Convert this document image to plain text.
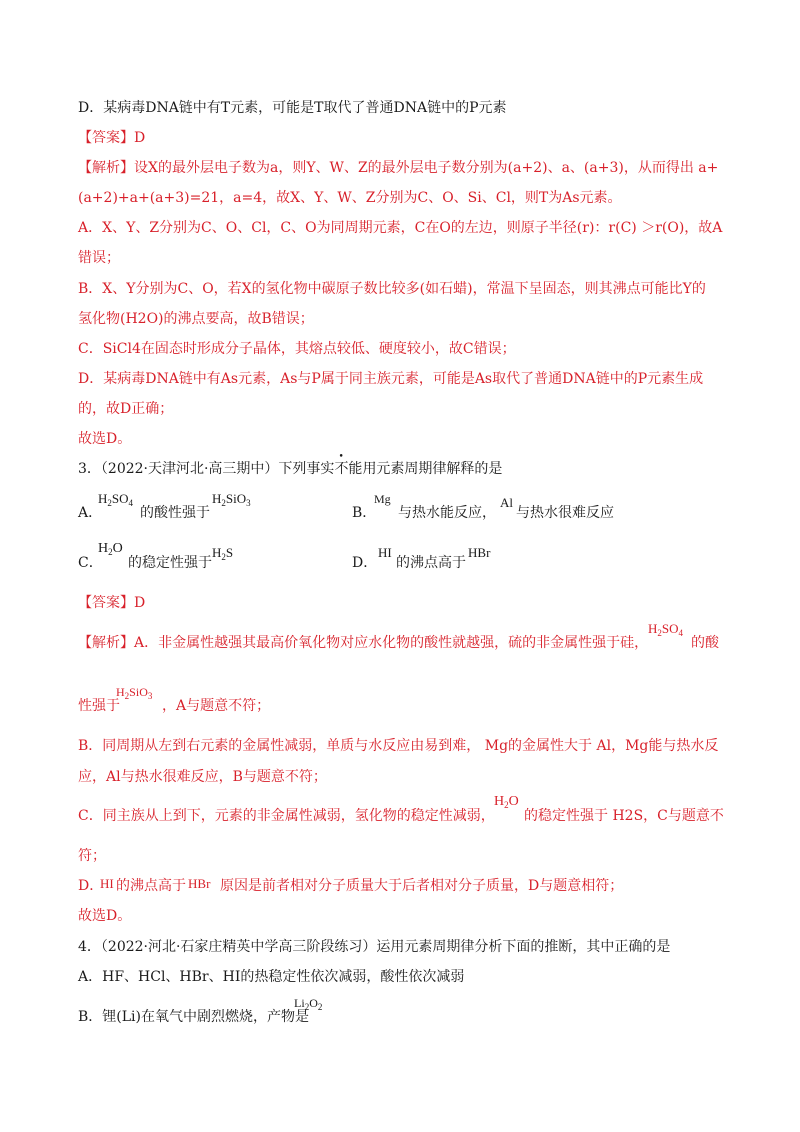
D．某病毒DNA链中有T元素，可能是T取代了普通DNA链中的P元素
【答案】D
【解析】设X的最外层电子数为a，则Y、W、Z的最外层电子数分别为(a+2)、a、(a+3)，从而得出 a+
(a+2)+a+(a+3)=21，a=4，故X、Y、W、Z分别为C、O、Si、Cl，则T为As元素。
A．X、Y、Z分别为C、O、Cl，C、O为同周期元素，C在O的左边，则原子半径(r)：r(C) ＞r(O)，故A
错误；
B．X、Y分别为C、O，若X的氢化物中碳原子数比较多(如石蜡)，常温下呈固态，则其沸点可能比Y的
氢化物(H2O)的沸点要高，故B错误；
C．SiCl4在固态时形成分子晶体，其熔点较低、硬度较小，故C错误；
D．某病毒DNA链中有As元素，As与P属于同主族元素，可能是As取代了普通DNA链中的P元素生成
的，故D正确；
故选D。
3．（2022·天津河北·高三期中）下列事实不能用元素周期律解释的是
A．
$H_2SO_4$
的酸性强于
$H_2SiO_3$
B．
Mg
与热水能反应，
Al
与热水很难反应
C．
$H_2O$
的稳定性强于
$H_2S$
D．
HI
的沸点高于
HBr
【答案】D
【解析】A．非金属性越强其最高价氧化物对应水化物的酸性就越强，硫的非金属性强于硅，
$H_2SO_4$
的酸
性强于
$H_2SiO_3$
，A与题意不符；
B．同周期从左到右元素的金属性减弱，单质与水反应由易到难， Mg的金属性大于 Al，Mg能与热水反
应，Al与热水很难反应，B与题意不符；
C．同主族从上到下，元素的非金属性减弱，氢化物的稳定性减弱，
$H_2O$
的稳定性强于 H2S，C与题意不
符；
D．
HI 的沸点高于 HBr 原因是前者相对分子质量大于后者相对分子质量，D与题意相符；
故选D。
4．（2022·河北·石家庄精英中学高三阶段练习）运用元素周期律分析下面的推断，其中正确的是
A．HF、HCl、HBr、HI的热稳定性依次减弱，酸性依次减弱
B．锂(Li)在氧气中剧烈燃烧，产物是
$Li_2O_2$
